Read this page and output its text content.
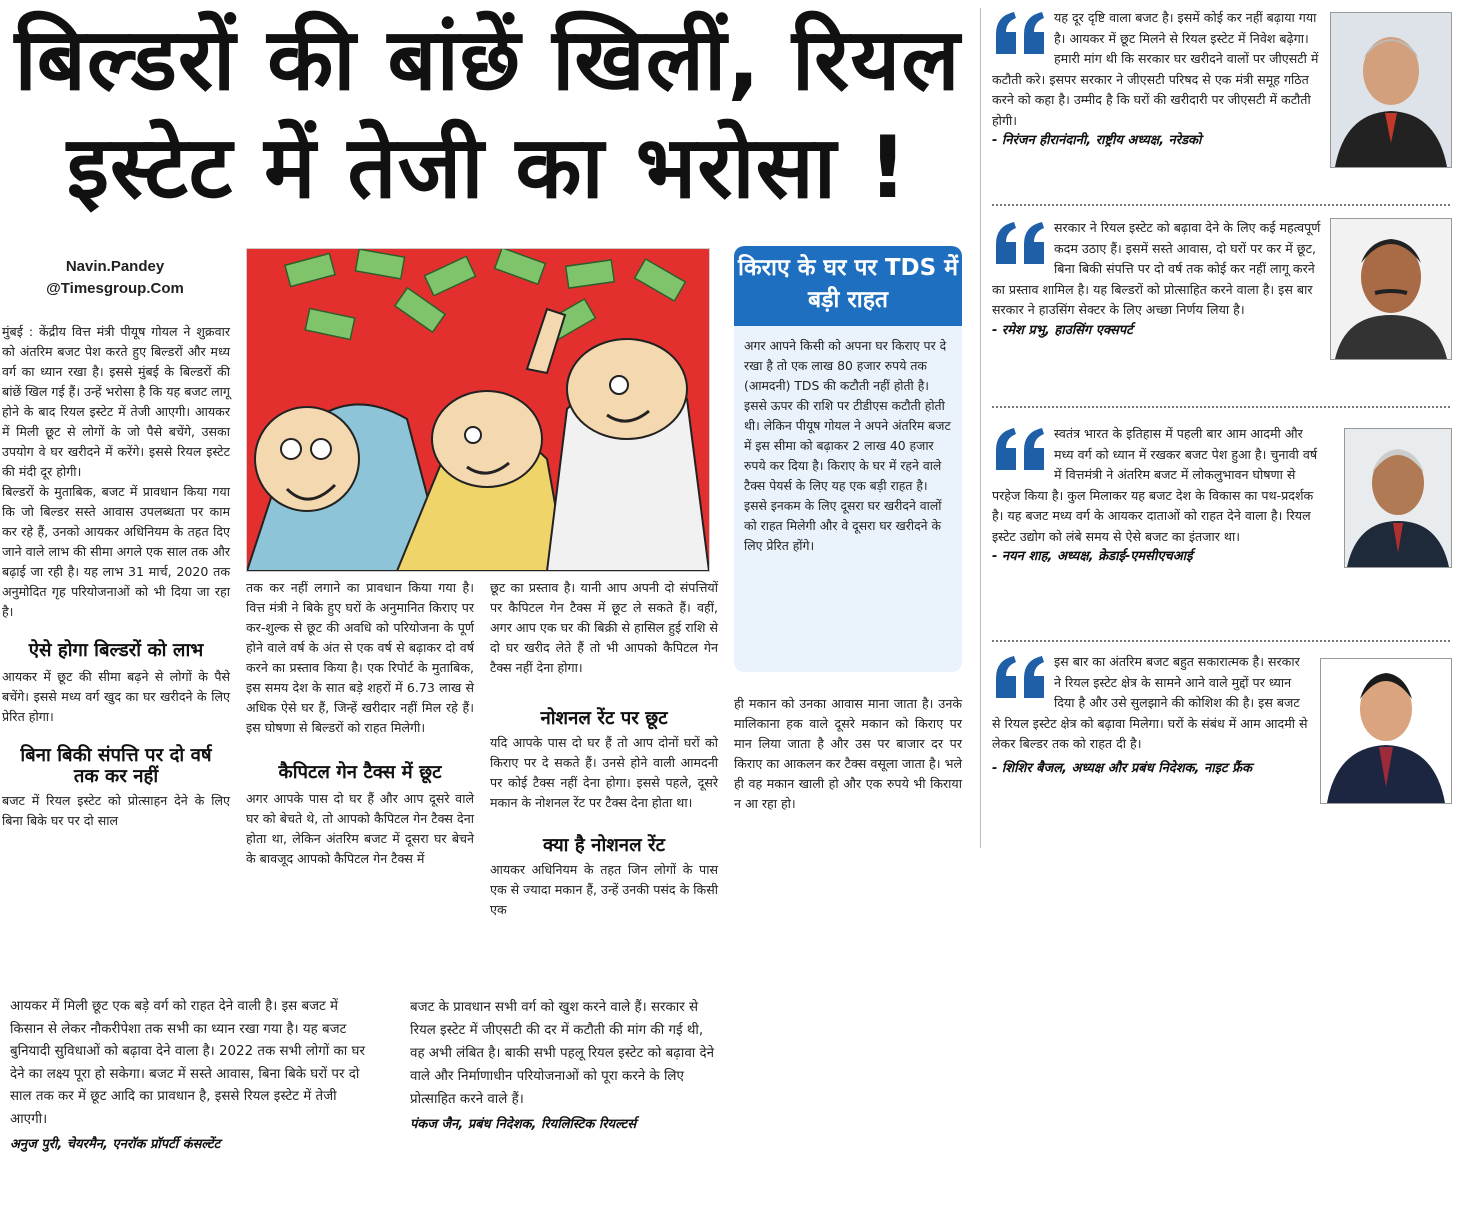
बिल्डरों की बांछें खिलीं, रियल
इस्टेट में तेजी का भरोसा !
Navin.Pandey
@Timesgroup.Com
मुंबई : केंद्रीय वित्त मंत्री पीयूष गोयल ने शुक्रवार को अंतरिम बजट पेश करते हुए बिल्डरों और मध्य वर्ग का ध्यान रखा है। इससे मुंबई के बिल्डरों की बांछें खिल गई हैं। उन्हें भरोसा है कि यह बजट लागू होने के बाद रियल इस्टेट में तेजी आएगी। आयकर में मिली छूट से लोगों के जो पैसे बचेंगे, उसका उपयोग वे घर खरीदने में करेंगे। इससे रियल इस्टेट की मंदी दूर होगी।
बिल्डरों के मुताबिक, बजट में प्रावधान किया गया कि जो बिल्डर सस्ते आवास उपलब्धता पर काम कर रहे हैं, उनको आयकर अधिनियम के तहत दिए जाने वाले लाभ की सीमा अगले एक साल तक और बढ़ाई जा रही है। यह लाभ 31 मार्च, 2020 तक अनुमोदित गृह परियोजनाओं को भी दिया जा रहा है।
ऐसे होगा बिल्डरों को लाभ
आयकर में छूट की सीमा बढ़ने से लोगों के पैसे बचेंगे। इससे मध्य वर्ग खुद का घर खरीदने के लिए प्रेरित होगा।
बिना बिकी संपत्ति पर दो वर्ष तक कर नहीं
बजट में रियल इस्टेट को प्रोत्साहन देने के लिए बिना बिके घर पर दो साल
तक कर नहीं लगाने का प्रावधान किया गया है। वित्त मंत्री ने बिके हुए घरों के अनुमानित किराए पर कर-शुल्क से छूट की अवधि को परियोजना के पूर्ण होने वाले वर्ष के अंत से एक वर्ष से बढ़ाकर दो वर्ष करने का प्रस्ताव किया है। एक रिपोर्ट के मुताबिक, इस समय देश के सात बड़े शहरों में 6.73 लाख से अधिक ऐसे घर हैं, जिन्हें खरीदार नहीं मिल रहे हैं। इस घोषणा से बिल्डरों को राहत मिलेगी।
कैपिटल गेन टैक्स में छूट
अगर आपके पास दो घर हैं और आप दूसरे वाले घर को बेचते थे, तो आपको कैपिटल गेन टैक्स देना होता था, लेकिन अंतरिम बजट में दूसरा घर बेचने के बावजूद आपको कैपिटल गेन टैक्स में
छूट का प्रस्ताव है। यानी आप अपनी दो संपत्तियों पर कैपिटल गेन टैक्स में छूट ले सकते हैं। वहीं, अगर आप एक घर की बिक्री से हासिल हुई राशि से दो घर खरीद लेते हैं तो भी आपको कैपिटल गेन टैक्स नहीं देना होगा।
नोशनल रेंट पर छूट
यदि आपके पास दो घर हैं तो आप दोनों घरों को किराए पर दे सकते हैं। उनसे होने वाली आमदनी पर कोई टैक्स नहीं देना होगा। इससे पहले, दूसरे मकान के नोशनल रेंट पर टैक्स देना होता था।
क्या है नोशनल रेंट
आयकर अधिनियम के तहत जिन लोगों के पास एक से ज्यादा मकान हैं, उन्हें उनकी पसंद के किसी एक
किराए के घर पर TDS में बड़ी राहत
अगर आपने किसी को अपना घर किराए पर दे रखा है तो एक लाख 80 हजार रुपये तक (आमदनी) TDS की कटौती नहीं होती है। इससे ऊपर की राशि पर टीडीएस कटौती होती थी। लेकिन पीयूष गोयल ने अपने अंतरिम बजट में इस सीमा को बढ़ाकर 2 लाख 40 हजार रुपये कर दिया है। किराए के घर में रहने वाले टैक्स पेयर्स के लिए यह एक बड़ी राहत है। इससे इनकम के लिए दूसरा घर खरीदने वालों को राहत मिलेगी और वे दूसरा घर खरीदने के लिए प्रेरित होंगे।
ही मकान को उनका आवास माना जाता है। उनके मालिकाना हक वाले दूसरे मकान को किराए पर मान लिया जाता है और उस पर बाजार दर पर किराए का आकलन कर टैक्स वसूला जाता है। भले ही वह मकान खाली हो और एक रुपये भी किराया न आ रहा हो।
आयकर में मिली छूट एक बड़े वर्ग को राहत देने वाली है। इस बजट में किसान से लेकर नौकरीपेशा तक सभी का ध्यान रखा गया है। यह बजट बुनियादी सुविधाओं को बढ़ावा देने वाला है। 2022 तक सभी लोगों का घर देने का लक्ष्य पूरा हो सकेगा। बजट में सस्ते आवास, बिना बिके घरों पर दो साल तक कर में छूट आदि का प्रावधान है, इससे रियल इस्टेट में तेजी आएगी।
अनुज पुरी, चेयरमैन, एनरॉक प्रॉपर्टी कंसल्टेंट
बजट के प्रावधान सभी वर्ग को खुश करने वाले हैं। सरकार से रियल इस्टेट में जीएसटी की दर में कटौती की मांग की गई थी, वह अभी लंबित है। बाकी सभी पहलू रियल इस्टेट को बढ़ावा देने वाले और निर्माणाधीन परियोजनाओं को पूरा करने के लिए प्रोत्साहित करने वाले हैं।
पंकज जैन, प्रबंध निदेशक, रियलिस्टिक रियल्टर्स
यह दूर दृष्टि वाला बजट है। इसमें कोई कर नहीं बढ़ाया गया है। आयकर में छूट मिलने से रियल इस्टेट में निवेश बढ़ेगा। हमारी मांग थी कि सरकार घर खरीदने वालों पर जीएसटी में कटौती करे। इसपर सरकार ने जीएसटी परिषद से एक मंत्री समूह गठित करने को कहा है। उम्मीद है कि घरों की खरीदारी पर जीएसटी में कटौती होगी।
- निरंजन हीरानंदानी, राष्ट्रीय अध्यक्ष, नरेडको
सरकार ने रियल इस्टेट को बढ़ावा देने के लिए कई महत्वपूर्ण कदम उठाए हैं। इसमें सस्ते आवास, दो घरों पर कर में छूट, बिना बिकी संपत्ति पर दो वर्ष तक कोई कर नहीं लागू करने का प्रस्ताव शामिल है। यह बिल्डरों को प्रोत्साहित करने वाला है। इस बार सरकार ने हाउसिंग सेक्टर के लिए अच्छा निर्णय लिया है।
- रमेश प्रभु, हाउसिंग एक्सपर्ट
स्वतंत्र भारत के इतिहास में पहली बार आम आदमी और मध्य वर्ग को ध्यान में रखकर बजट पेश हुआ है। चुनावी वर्ष में वित्तमंत्री ने अंतरिम बजट में लोकलुभावन घोषणा से परहेज किया है। कुल मिलाकर यह बजट देश के विकास का पथ-प्रदर्शक है। यह बजट मध्य वर्ग के आयकर दाताओं को राहत देने वाला है। रियल इस्टेट उद्योग को लंबे समय से ऐसे बजट का इंतजार था।
- नयन शाह, अध्यक्ष, क्रेडाई-एमसीएचआई
इस बार का अंतरिम बजट बहुत सकारात्मक है। सरकार ने रियल इस्टेट क्षेत्र के सामने आने वाले मुद्दों पर ध्यान दिया है और उसे सुलझाने की कोशिश की है। इस बजट से रियल इस्टेट क्षेत्र को बढ़ावा मिलेगा। घरों के संबंध में आम आदमी से लेकर बिल्डर तक को राहत दी है।
- शिशिर बैजल, अध्यक्ष और प्रबंध निदेशक, नाइट फ्रैंक
